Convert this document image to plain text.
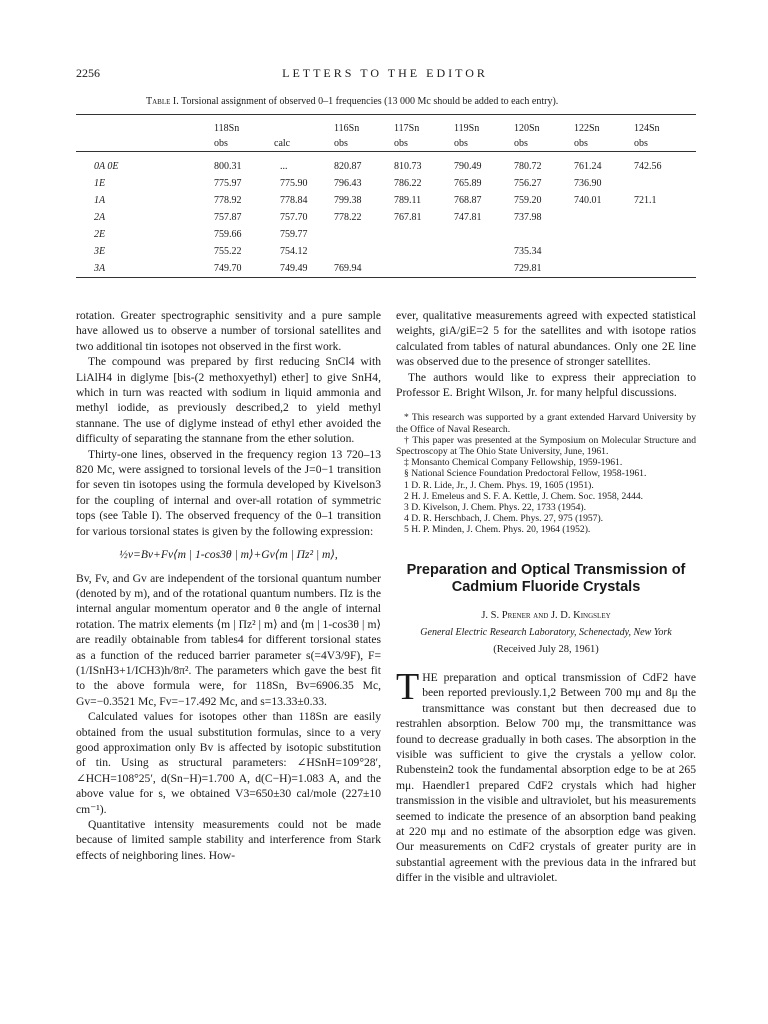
2256	LETTERS TO THE EDITOR
Table I. Torsional assignment of observed 0–1 frequencies (13 000 Mc should be added to each entry).
	118Sn		116Sn	117Sn	119Sn	120Sn	122Sn	124Sn
	obs	calc	obs	obs	obs	obs	obs	obs
0A 0E	800.31	...	820.87	810.73	790.49	780.72	761.24	742.56
1E	775.97	775.90	796.43	786.22	765.89	756.27	736.90	
1A	778.92	778.84	799.38	789.11	768.87	759.20	740.01	721.1
2A	757.87	757.70	778.22	767.81	747.81	737.98		
2E	759.66	759.77						
3E	755.22	754.12				735.34		
3A	749.70	749.49	769.94			729.81		

rotation. Greater spectrographic sensitivity and a pure sample have allowed us to observe a number of torsional satellites and two additional tin isotopes not observed in the first work.

The compound was prepared by first reducing SnCl4 with LiAlH4 in diglyme [bis-(2 methoxyethyl) ether] to give SnH4, which in turn was reacted with sodium in liquid ammonia and methyl iodide, as previously described,2 to yield methyl stannane. The use of diglyme instead of ethyl ether avoided the difficulty of separating the stannane from the ether solution.

Thirty-one lines, observed in the frequency region 13 720–13 820 Mc, were assigned to torsional levels of the J=0−1 transition for seven tin isotopes using the formula developed by Kivelson3 for the coupling of internal and over-all rotation of symmetric tops (see Table I). The observed frequency of the 0–1 transition for various torsional states is given by the following expression:

½ν=Bv+Fv⟨m | 1-cos3θ | m⟩+Gv⟨m | Πz² | m⟩,

Bv, Fv, and Gv are independent of the torsional quantum number (denoted by m), and of the rotational quantum numbers. Πz is the internal angular momentum operator and θ the angle of internal rotation. The matrix elements ⟨m | Πz² | m⟩ and ⟨m | 1-cos3θ | m⟩ are readily obtainable from tables4 for different torsional states as a function of the reduced barrier parameter s(=4V3/9F), F=(1/ISnH3+1/ICH3)h/8π². The parameters which gave the best fit to the above formula were, for 118Sn, Bv=6906.35 Mc, Gv=−0.3521 Mc, Fv=−17.492 Mc, and s=13.33±0.33.

Calculated values for isotopes other than 118Sn are easily obtained from the usual substitution formulas, since to a very good approximation only Bv is affected by isotopic substitution of tin. Using as structural parameters: ∠HSnH=109°28′, ∠HCH=108°25′, d(Sn−H)=1.700 A, d(C−H)=1.083 A, and the above value for s, we obtained V3=650±30 cal/mole (227±10 cm⁻¹).

Quantitative intensity measurements could not be made because of limited sample stability and interference from Stark effects of neighboring lines. How-

ever, qualitative measurements agreed with expected statistical weights, giA/giE=2 5 for the satellites and with isotope ratios calculated from tables of natural abundances. Only one 2E line was observed due to the presence of stronger satellites.

The authors would like to express their appreciation to Professor E. Bright Wilson, Jr. for many helpful discussions.

* This research was supported by a grant extended Harvard University by the Office of Naval Research.

† This paper was presented at the Symposium on Molecular Structure and Spectroscopy at The Ohio State University, June, 1961.

‡ Monsanto Chemical Company Fellowship, 1959-1961.

§ National Science Foundation Predoctoral Fellow, 1958-1961.

1 D. R. Lide, Jr., J. Chem. Phys. 19, 1605 (1951).

2 H. J. Emeleus and S. F. A. Kettle, J. Chem. Soc. 1958, 2444.

3 D. Kivelson, J. Chem. Phys. 22, 1733 (1954).

4 D. R. Herschbach, J. Chem. Phys. 27, 975 (1957).

5 H. P. Minden, J. Chem. Phys. 20, 1964 (1952).

Preparation and Optical Transmission of Cadmium Fluoride Crystals
J. S. Prener and J. D. Kingsley
General Electric Research Laboratory, Schenectady, New York
(Received July 28, 1961)
T HE preparation and optical transmission of CdF2 have been reported previously.1,2 Between 700 mμ and 8μ the transmittance was constant but then decreased due to restrahlen absorption. Below 700 mμ, the transmittance was found to decrease gradually in both cases. The absorption in the visible was sufficient to give the crystals a yellow color. Rubenstein2 took the fundamental absorption edge to be at 265 mμ. Haendler1 prepared CdF2 crystals which had higher transmission in the visible and ultraviolet, but his measurements seemed to indicate the presence of an absorption band peaking at 220 mμ and no estimate of the absorption edge was given. Our measurements on CdF2 crystals of greater purity are in substantial agreement with the previous data in the infrared but differ in the visible and ultraviolet.
